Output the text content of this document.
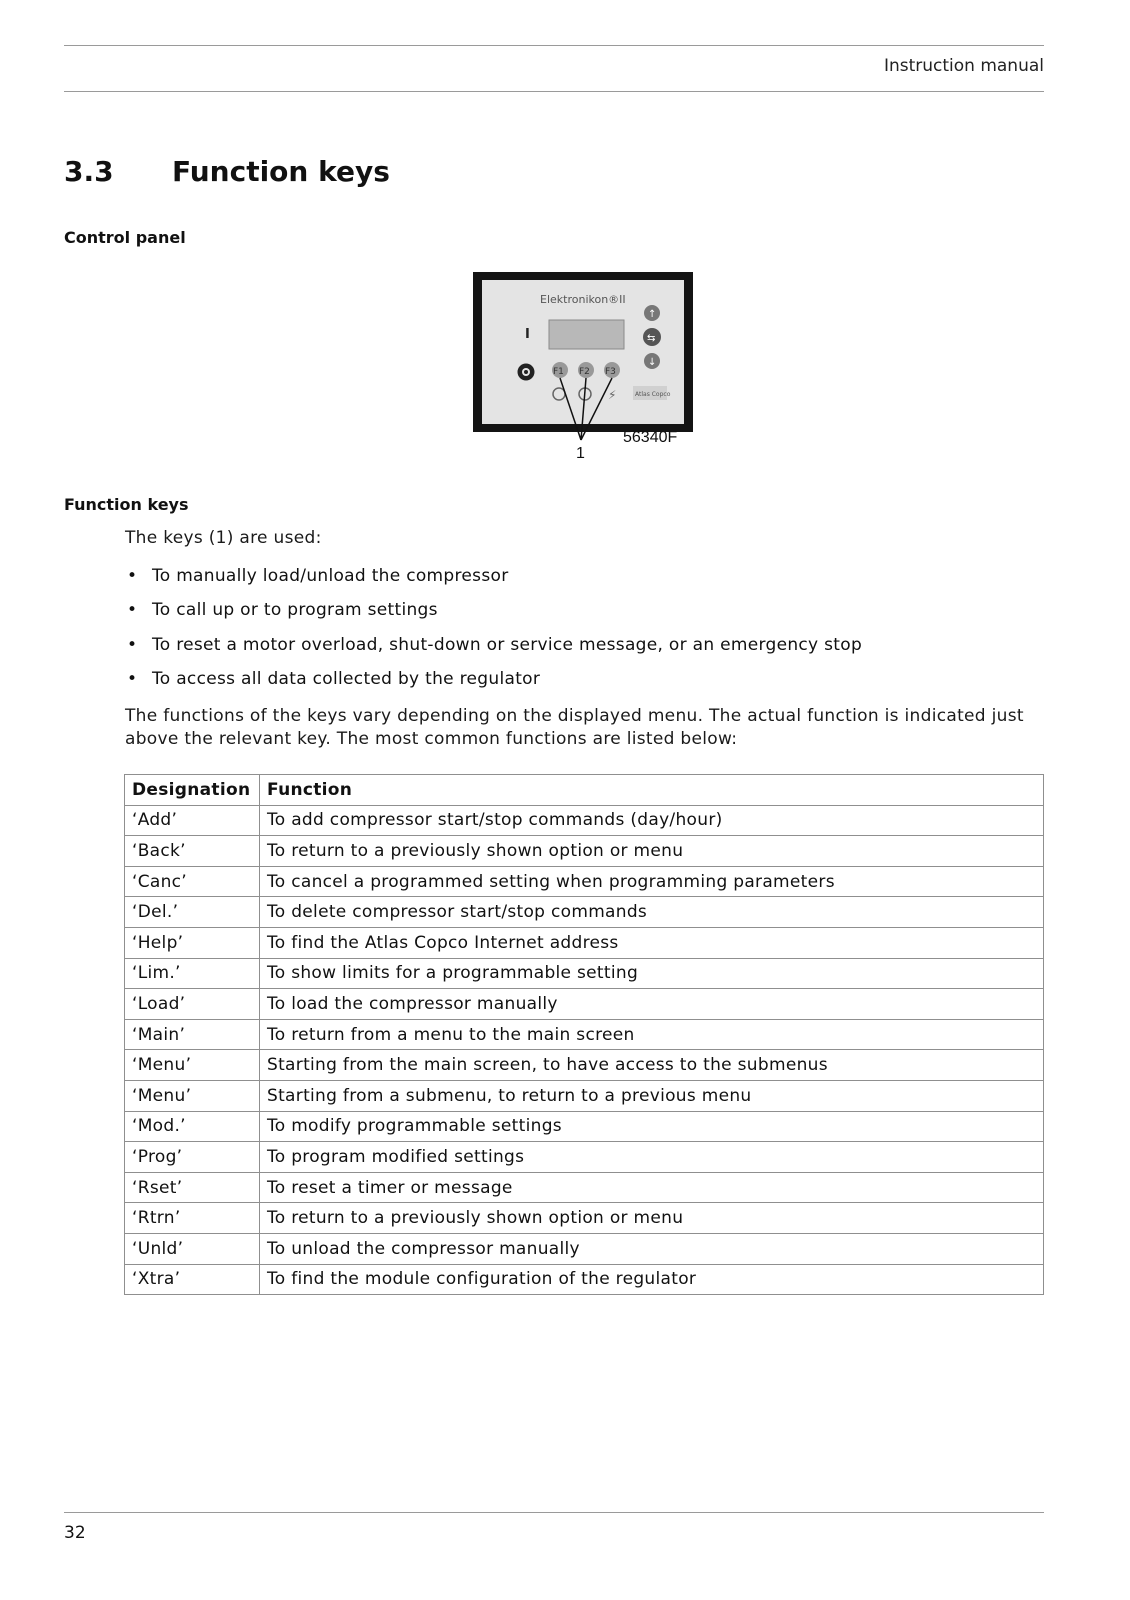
Instruction manual
3.3 Function keys
Control panel
Elektronikon®II
I
↑
⇆
↓
F1 F2 F3
⚡	Atlas Copco
1
56340F
Function keys
The keys (1) are used:
• To manually load/unload the compressor
• To call up or to program settings
• To reset a motor overload, shut-down or service message, or an emergency stop
• To access all data collected by the regulator
The functions of the keys vary depending on the displayed menu. The actual function is indicated just above the relevant key. The most common functions are listed below:
Designation	Function
‘Add’	To add compressor start/stop commands (day/hour)
‘Back’	To return to a previously shown option or menu
‘Canc’	To cancel a programmed setting when programming parameters
‘Del.’	To delete compressor start/stop commands
‘Help’	To find the Atlas Copco Internet address
‘Lim.’	To show limits for a programmable setting
‘Load’	To load the compressor manually
‘Main’	To return from a menu to the main screen
‘Menu’	Starting from the main screen, to have access to the submenus
‘Menu’	Starting from a submenu, to return to a previous menu
‘Mod.’	To modify programmable settings
‘Prog’	To program modified settings
‘Rset’	To reset a timer or message
‘Rtrn’	To return to a previously shown option or menu
‘Unld’	To unload the compressor manually
‘Xtra’	To find the module configuration of the regulator
32
